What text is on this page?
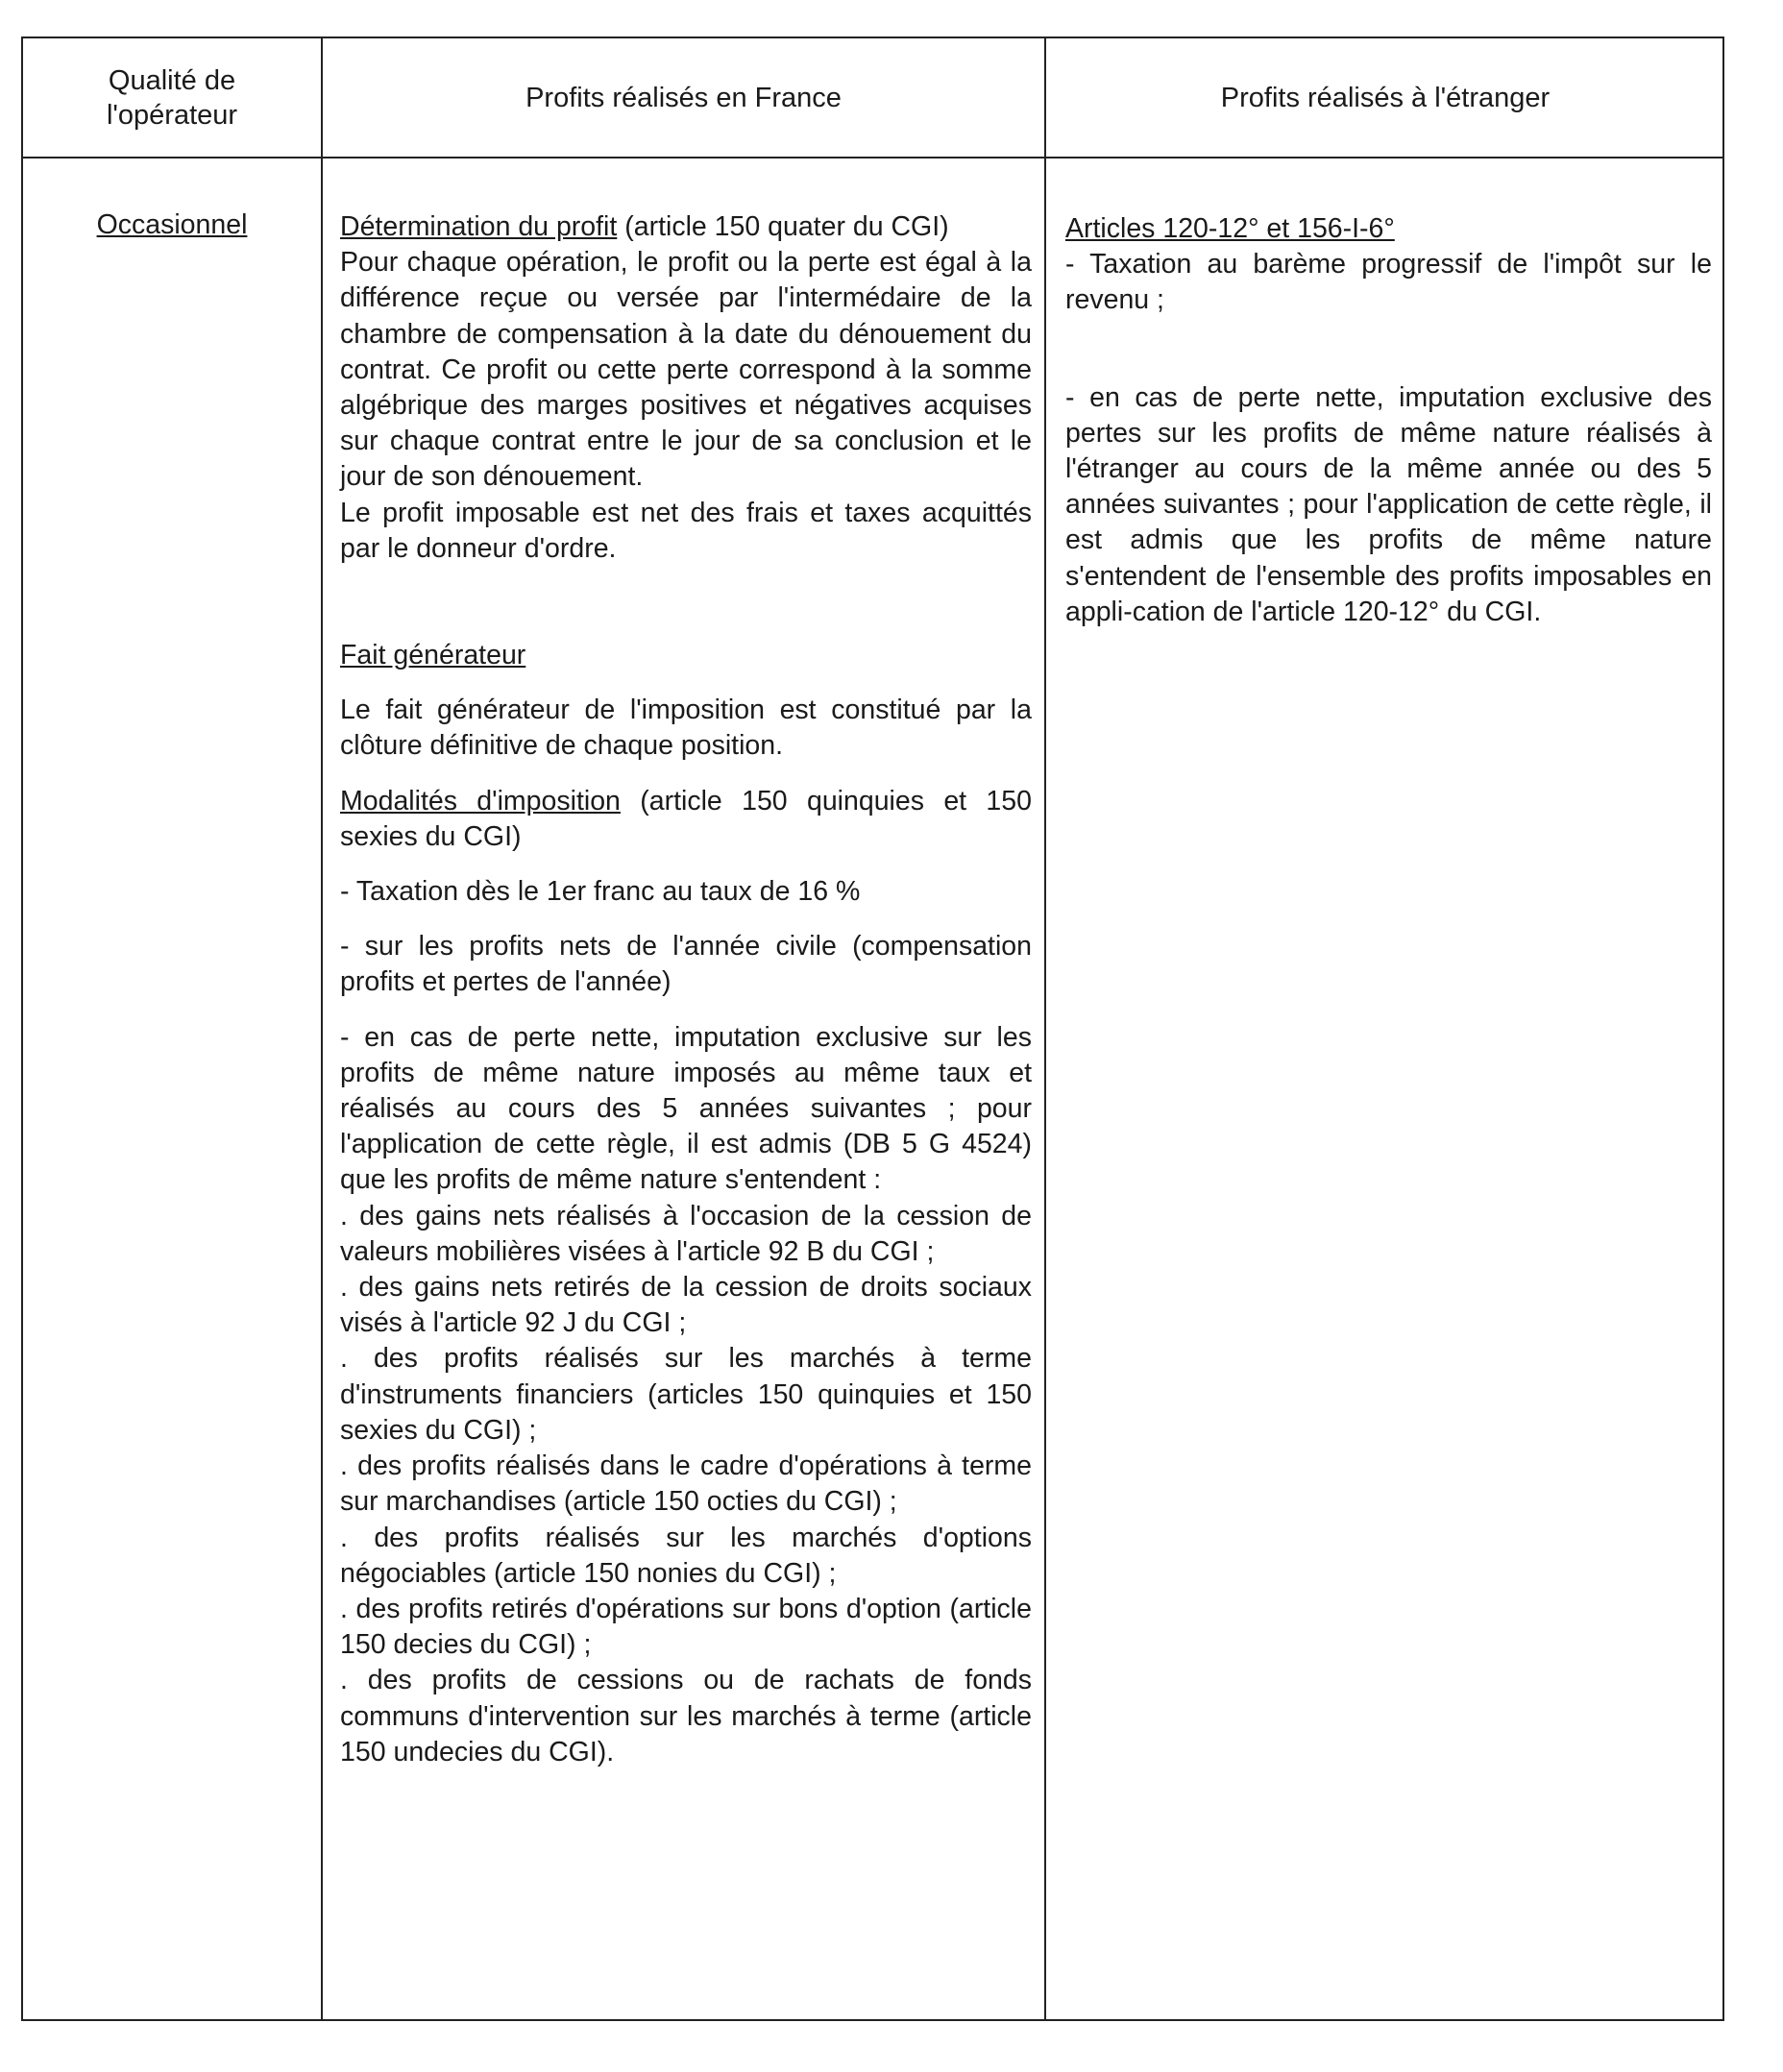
Qualité de
l'opérateur
Profits réalisés en France	Profits réalisés à l'étranger
Occasionnel	Détermination du profit (article 150 quater du CGI)

Pour chaque opération, le profit ou la perte est égal à la différence reçue ou versée par l'intermédaire de la chambre de compensation à la date du dénouement du contrat. Ce profit ou cette perte correspond à la somme algébrique des marges positives et négatives acquises sur chaque contrat entre le jour de sa conclusion et le jour de son dénouement.

Le profit imposable est net des frais et taxes acquittés par le donneur d'ordre.

Fait générateur

Le fait générateur de l'imposition est constitué par la clôture définitive de chaque position.

Modalités d'imposition (article 150 quinquies et 150 sexies du CGI)

- Taxation dès le 1er franc au taux de 16 %

- sur les profits nets de l'année civile (compensation profits et pertes de l'année)

- en cas de perte nette, imputation exclusive sur les profits de même nature imposés au même taux et réalisés au cours des 5 années suivantes ; pour l'application de cette règle, il est admis (DB 5 G 4524) que les profits de même nature s'entendent :

. des gains nets réalisés à l'occasion de la cession de valeurs mobilières visées à l'article 92 B du CGI ;

. des gains nets retirés de la cession de droits sociaux visés à l'article 92 J du CGI ;

. des profits réalisés sur les marchés à terme d'instruments financiers (articles 150 quinquies et 150 sexies du CGI) ;

. des profits réalisés dans le cadre d'opérations à terme sur marchandises (article 150 octies du CGI) ;

. des profits réalisés sur les marchés d'options négociables (article 150 nonies du CGI) ;

. des profits retirés d'opérations sur bons d'option (article 150 decies du CGI) ;

. des profits de cessions ou de rachats de fonds communs d'intervention sur les marchés à terme (article 150 undecies du CGI).

Articles 120-12° et 156-I-6°

- Taxation au barème progressif de l'impôt sur le revenu ;

- en cas de perte nette, imputation exclusive des pertes sur les profits de même nature réalisés à l'étranger au cours de la même année ou des 5 années suivantes ; pour l'application de cette règle, il est admis que les profits de même nature s'entendent de l'ensemble des profits imposables en appli-cation de l'article 120-12° du CGI.
